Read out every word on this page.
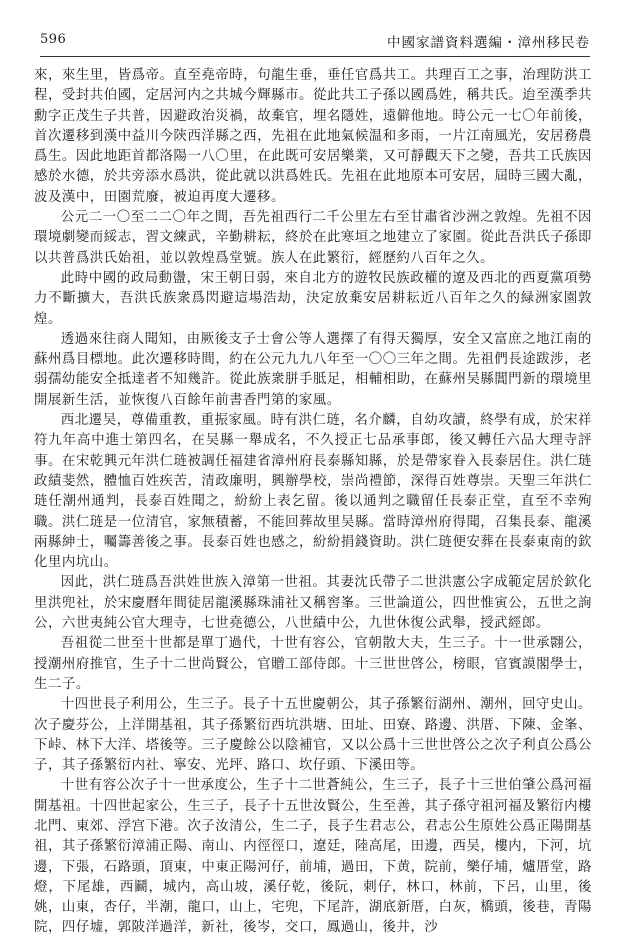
596	中國家譜資料選編・漳州移民卷

來，來生里，皆爲帝。直至堯帝時，句龍生垂，垂任官爲共工。共理百工之事，治理防洪工程，受封共伯國，定居河内之共城今輝縣市。從此共工子孫以國爲姓，稱共氏。迨至漢季共勳字正茂生子共普，因避政治災禍，故棄官，埋名隱姓，遠僻他地。時公元一七〇年前後，首次遷移到漢中益川今陝西洋縣之西，先祖在此地氣候温和多雨，一片江南風光，安居務農爲生。因此地距首都洛陽一八〇里，在此既可安居樂業，又可靜觀天下之變，吾共工氏族因感於水德，於共旁添水爲洪，從此就以洪爲姓氏。先祖在此地原本可安居，屆時三國大亂，波及漢中，田園荒廢，被迫再度大遷移。

公元二一〇至二二〇年之間，吾先祖西行二千公里左右至甘肅省沙洲之敦煌。先祖不因環境劇變而綏志，習文練武，辛勤耕耘，終於在此寒垣之地建立了家園。從此吾洪氏子孫即以共普爲洪氏始祖，並以敦煌爲堂號。族人在此繁衍，經歷約八百年之久。

此時中國的政局動盪，宋王朝日弱，來自北方的遊牧民族政權的遼及西北的西夏黨項勢力不斷擴大，吾洪氏族衆爲閃避這場浩劫，決定放棄安居耕耘近八百年之久的緑洲家園敦煌。

透過來往商人聞知，由厥後支子士會公等人選擇了有得天獨厚，安全又富庶之地江南的蘇州爲目標地。此次遷移時間，約在公元九九八年至一〇〇三年之間。先祖們長途跋涉，老弱孺幼能安全抵達者不知幾許。從此族衆胼手胝足，相輔相助，在蘇州吴縣閶門新的環境里開展新生活，並恢復八百餘年前書香門第的家風。

西北遷吴，尊備重教，重振家風。時有洪仁琏，名介麟，自幼攻讀，終學有成，於宋祥符九年高中進士第四名，在吴縣一舉成名，不久授正七品承事郎，後又轉任六品大理寺評事。在宋乾興元年洪仁琏被調任福建省漳州府長泰縣知縣，於是帶家眷入長泰居住。洪仁琏政績斐然，體恤百姓疾苦，清政廉明，興辦學校，崇尚禮節，深得百姓尊崇。天聖三年洪仁琏任潮州通判，長泰百姓聞之，紛紛上表乞留。後以通判之職留任長泰正堂，直至不幸殉職。洪仁琏是一位清官，家無積蓄，不能回葬故里吴縣。當時漳州府得聞，召集長泰、龍溪兩縣紳士，囑籌善後之事。長泰百姓也感之，紛紛捐錢資助。洪仁琏便安葬在長泰東南的欽化里内坑山。

因此，洪仁琏爲吾洪姓世族入漳第一世祖。其妻沈氏帶子二世洪憲公字成範定居於欽化里洪兜社，於宋慶曆年間徒居龍溪縣珠浦社又稱窖峯。三世論道公，四世惟寅公，五世之詢公，六世夷純公官大理寺，七世堯德公，八世績中公，九世休復公武舉，授武經郎。

吾祖從二世至十世都是單丁過代，十世有容公，官朝散大夫，生三子。十一世承翾公，授潮州府推官，生子十二世尚賢公，官贈工部侍郎。十三世世啓公，榜眼，官賓謨閣學士，生二子。

十四世長子利用公，生三子。長子十五世慶朝公，其子孫繁衍湖州、潮州，回守史山。次子慶芬公，上洋開基祖，其子孫繁衍西坑洪塘、田址、田寮、路邊、洪厝、下陳、金峯、下峠、林下大洋、塔後等。三子慶餘公以陰補官，又以公爲十三世世啓公之次子利貞公爲公子，其子孫繁衍内社、寧安、光坪、路口、坎仔頭、下溪田等。

十世有容公次子十一世承度公，生子十二世蒼純公，生三子，長子十三世伯肇公爲河福開基祖。十四世起家公，生三子，長子十五世汝賢公，生至善，其子孫守祖河福及繁衍内樓北門、東郊、浮宫下港。次子汝清公，生二子，長子生君志公，君志公生原姓公爲正陽開基祖，其子孫繁衍漳浦正陽、南山、内徑徑口，遼廷，陸高尾，田邊，西吴，樓内，下河，坑邊，下張，石路頭，頂東，中東正陽河仔，前埔，過田，下黄，院前，樂仔埔，爐厝堂，路燈，下尾雄，西鬬，城内，高山坡，溪仔乾，後阮，刺仔，林口，林前，下呂，山里，後姚，山東，杏仔，半潮，龍口，山上，宅兜，下尾許，湖底新厝，白灰，橋頭，後巷，青陽院，四仔墟，郭陂洋過洋，新社，後岑，交口，鳳過山，後井，沙
